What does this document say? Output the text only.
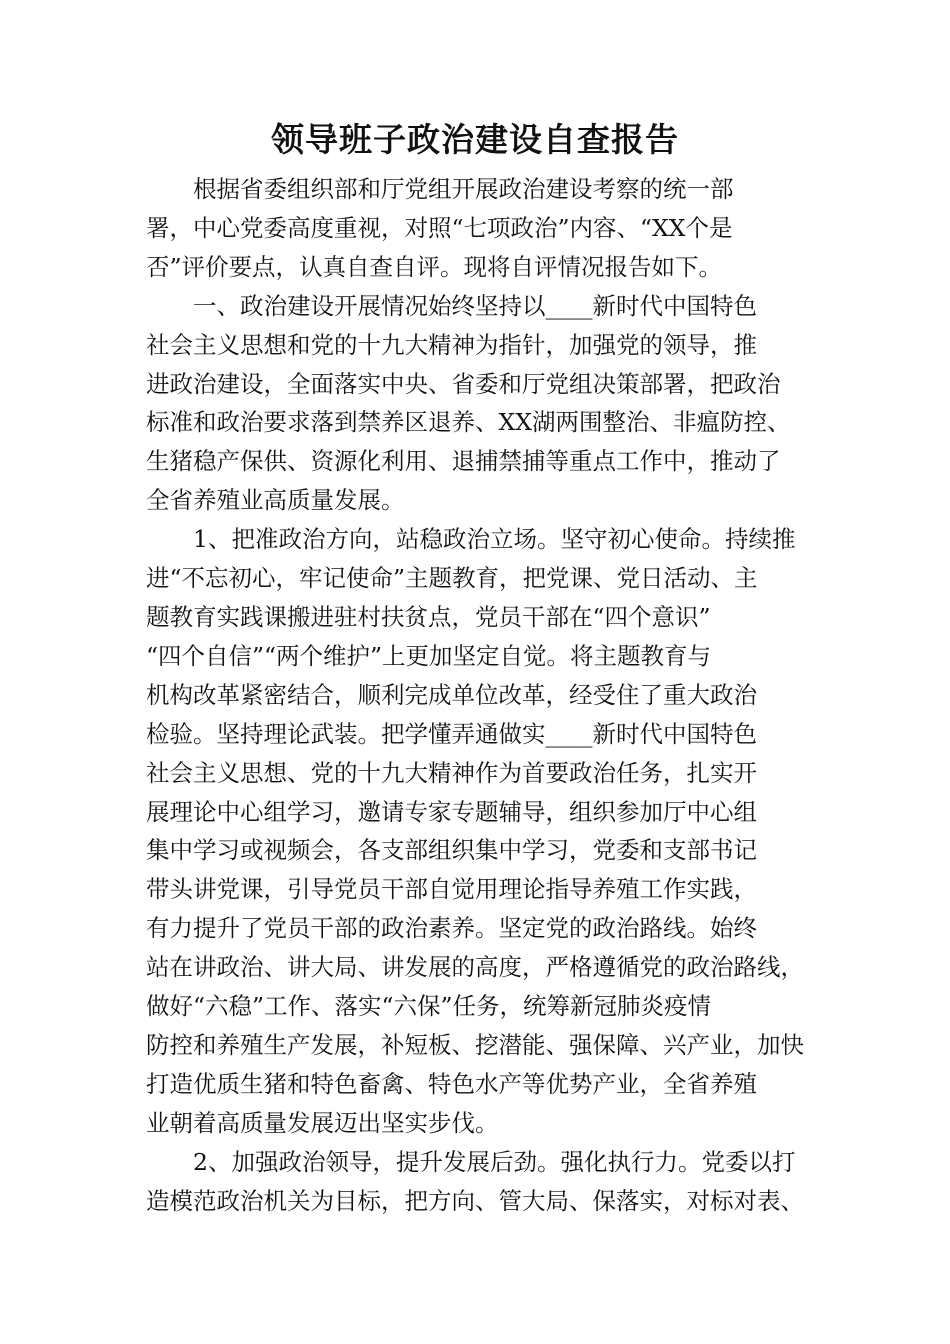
领导班子政治建设自查报告
根据省委组织部和厅党组开展政治建设考察的统一部
署，中心党委高度重视，对照“七项政治”内容、“XX个是
否”评价要点，认真自查自评。现将自评情况报告如下。
一、政治建设开展情况始终坚持以____新时代中国特色
社会主义思想和党的十九大精神为指针，加强党的领导，推
进政治建设，全面落实中央、省委和厅党组决策部署，把政治
标准和政治要求落到禁养区退养、XX湖两围整治、非瘟防控、
生猪稳产保供、资源化利用、退捕禁捕等重点工作中，推动了
全省养殖业高质量发展。
1、把准政治方向，站稳政治立场。坚守初心使命。持续推
进“不忘初心，牢记使命”主题教育，把党课、党日活动、主
题教育实践课搬进驻村扶贫点，党员干部在“四个意识”
“四个自信”“两个维护”上更加坚定自觉。将主题教育与
机构改革紧密结合，顺利完成单位改革，经受住了重大政治
检验。坚持理论武装。把学懂弄通做实____新时代中国特色
社会主义思想、党的十九大精神作为首要政治任务，扎实开
展理论中心组学习，邀请专家专题辅导，组织参加厅中心组
集中学习或视频会，各支部组织集中学习，党委和支部书记
带头讲党课，引导党员干部自觉用理论指导养殖工作实践，
有力提升了党员干部的政治素养。坚定党的政治路线。始终
站在讲政治、讲大局、讲发展的高度，严格遵循党的政治路线，
做好“六稳”工作、落实“六保”任务，统筹新冠肺炎疫情
防控和养殖生产发展，补短板、挖潜能、强保障、兴产业，加快
打造优质生猪和特色畜禽、特色水产等优势产业，全省养殖
业朝着高质量发展迈出坚实步伐。
2、加强政治领导，提升发展后劲。强化执行力。党委以打
造模范政治机关为目标，把方向、管大局、保落实，对标对表、
